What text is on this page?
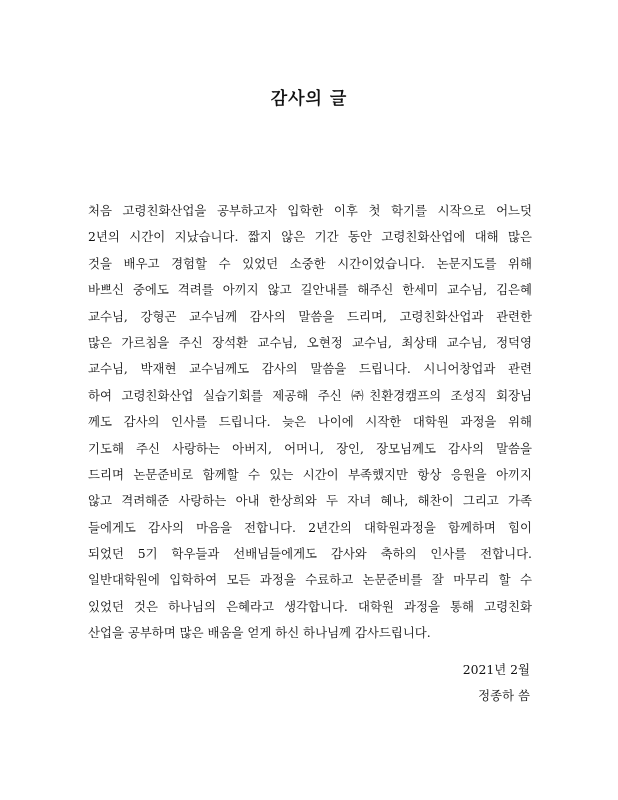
감사의 글
처음 고령친화산업을 공부하고자 입학한 이후 첫 학기를 시작으로 어느덧
2년의 시간이 지났습니다. 짧지 않은 기간 동안 고령친화산업에 대해 많은
것을 배우고 경험할 수 있었던 소중한 시간이었습니다. 논문지도를 위해
바쁘신 중에도 격려를 아끼지 않고 길안내를 해주신 한세미 교수님, 김은혜
교수님, 강형곤 교수님께 감사의 말씀을 드리며, 고령친화산업과 관련한
많은 가르침을 주신 장석환 교수님, 오현정 교수님, 최상태 교수님, 정덕영
교수님, 박재현 교수님께도 감사의 말씀을 드립니다. 시니어창업과 관련
하여 고령친화산업 실습기회를 제공해 주신 ㈜친환경캠프의 조성직 회장님
께도 감사의 인사를 드립니다. 늦은 나이에 시작한 대학원 과정을 위해
기도해 주신 사랑하는 아버지, 어머니, 장인, 장모님께도 감사의 말씀을
드리며 논문준비로 함께할 수 있는 시간이 부족했지만 항상 응원을 아끼지
않고 격려해준 사랑하는 아내 한상희와 두 자녀 혜나, 해찬이 그리고 가족
들에게도 감사의 마음을 전합니다. 2년간의 대학원과정을 함께하며 힘이
되었던 5기 학우들과 선배님들에게도 감사와 축하의 인사를 전합니다.
일반대학원에 입학하여 모든 과정을 수료하고 논문준비를 잘 마무리 할 수
있었던 것은 하나님의 은혜라고 생각합니다. 대학원 과정을 통해 고령친화
산업을 공부하며 많은 배움을 얻게 하신 하나님께 감사드립니다.
2021년 2월
정종하 씀
